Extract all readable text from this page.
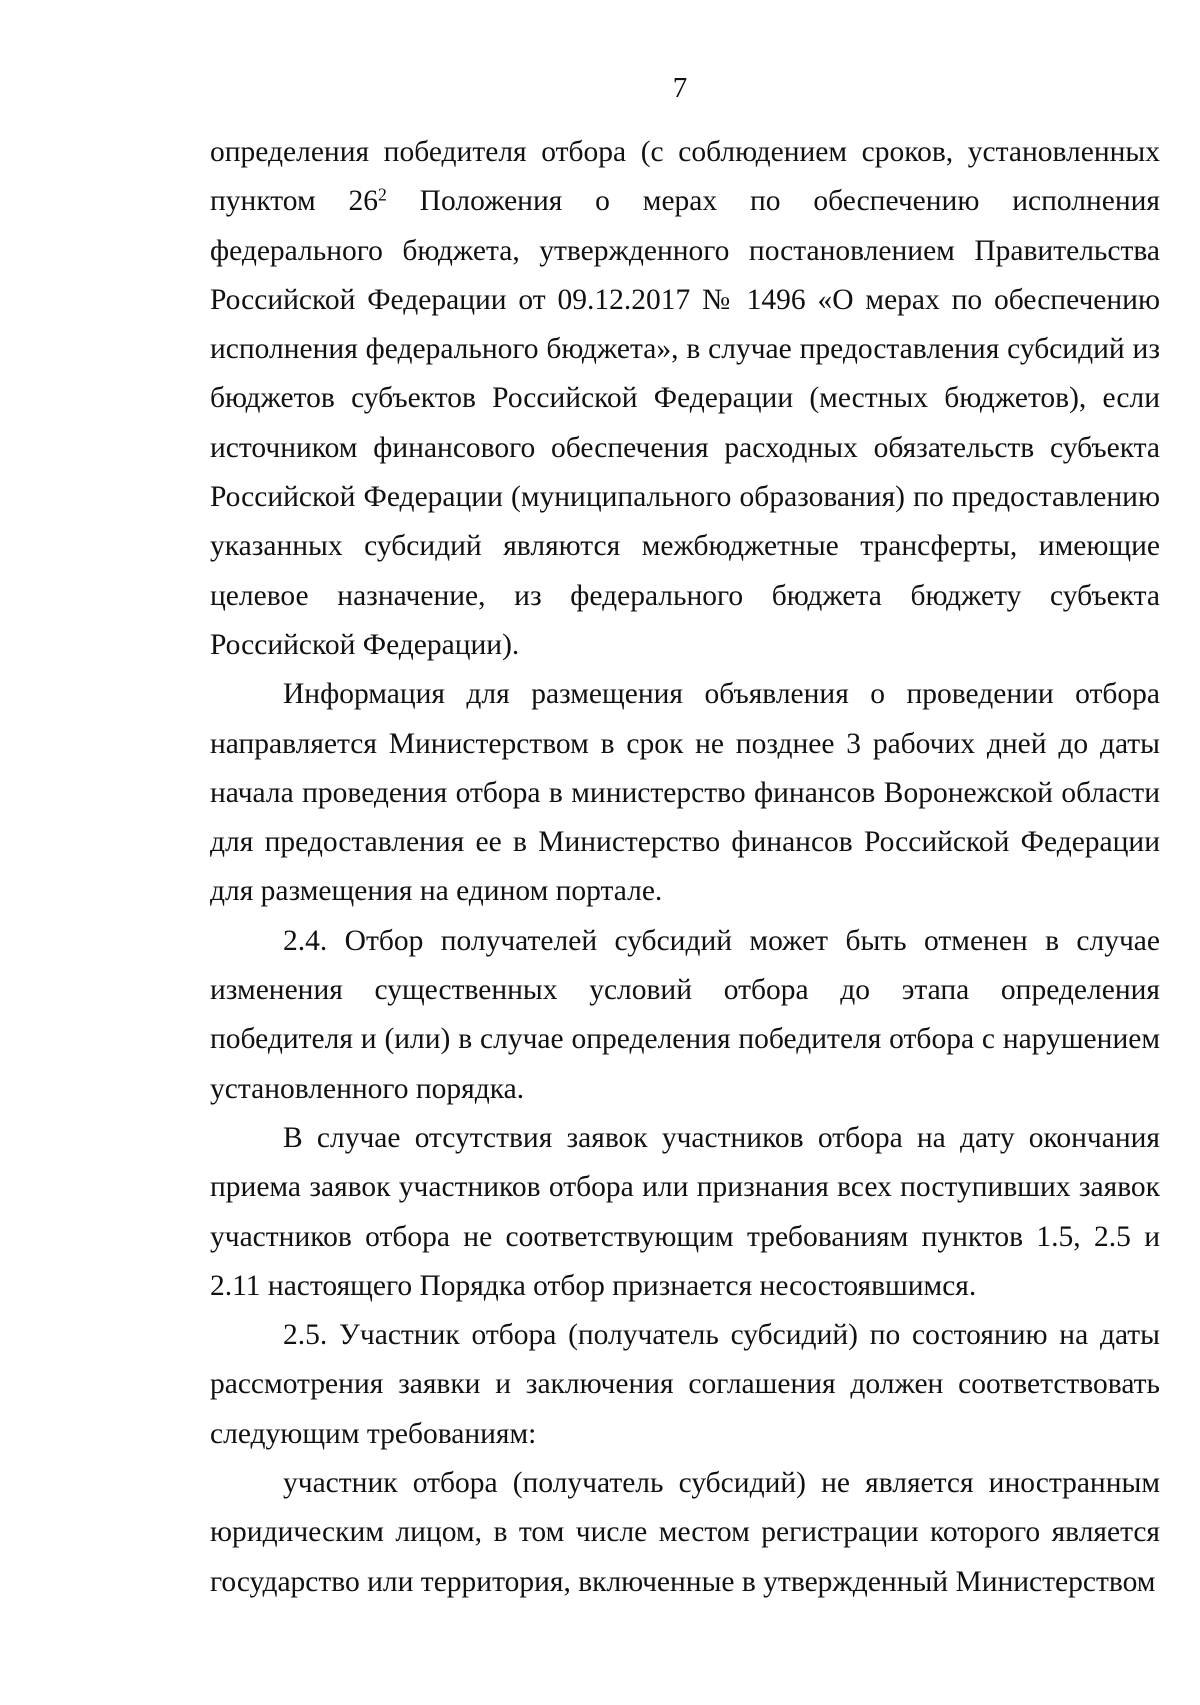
7

определения победителя отбора (с соблюдением сроков, установленных пунктом $26^2$ Положения о мерах по обеспечению исполнения федерального бюджета, утвержденного постановлением Правительства Российской Федерации от 09.12.2017 № 1496 «О мерах по обеспечению исполнения федерального бюджета», в случае предоставления субсидий из бюджетов субъектов Российской Федерации (местных бюджетов), если источником финансового обеспечения расходных обязательств субъекта Российской Федерации (муниципального образования) по предоставлению указанных субсидий являются межбюджетные трансферты, имеющие целевое назначение, из федерального бюджета бюджету субъекта Российской Федерации).

Информация для размещения объявления о проведении отбора направляется Министерством в срок не позднее 3 рабочих дней до даты начала проведения отбора в министерство финансов Воронежской области для предоставления ее в Министерство финансов Российской Федерации для размещения на едином портале.

2.4. Отбор получателей субсидий может быть отменен в случае изменения существенных условий отбора до этапа определения победителя и (или) в случае определения победителя отбора с нарушением установленного порядка.

В случае отсутствия заявок участников отбора на дату окончания приема заявок участников отбора или признания всех поступивших заявок участников отбора не соответствующим требованиям пунктов 1.5, 2.5 и 2.11 настоящего Порядка отбор признается несостоявшимся.

2.5. Участник отбора (получатель субсидий) по состоянию на даты рассмотрения заявки и заключения соглашения должен соответствовать следующим требованиям:

участник отбора (получатель субсидий) не является иностранным юридическим лицом, в том числе местом регистрации которого является государство или территория, включенные в утвержденный Министерством
